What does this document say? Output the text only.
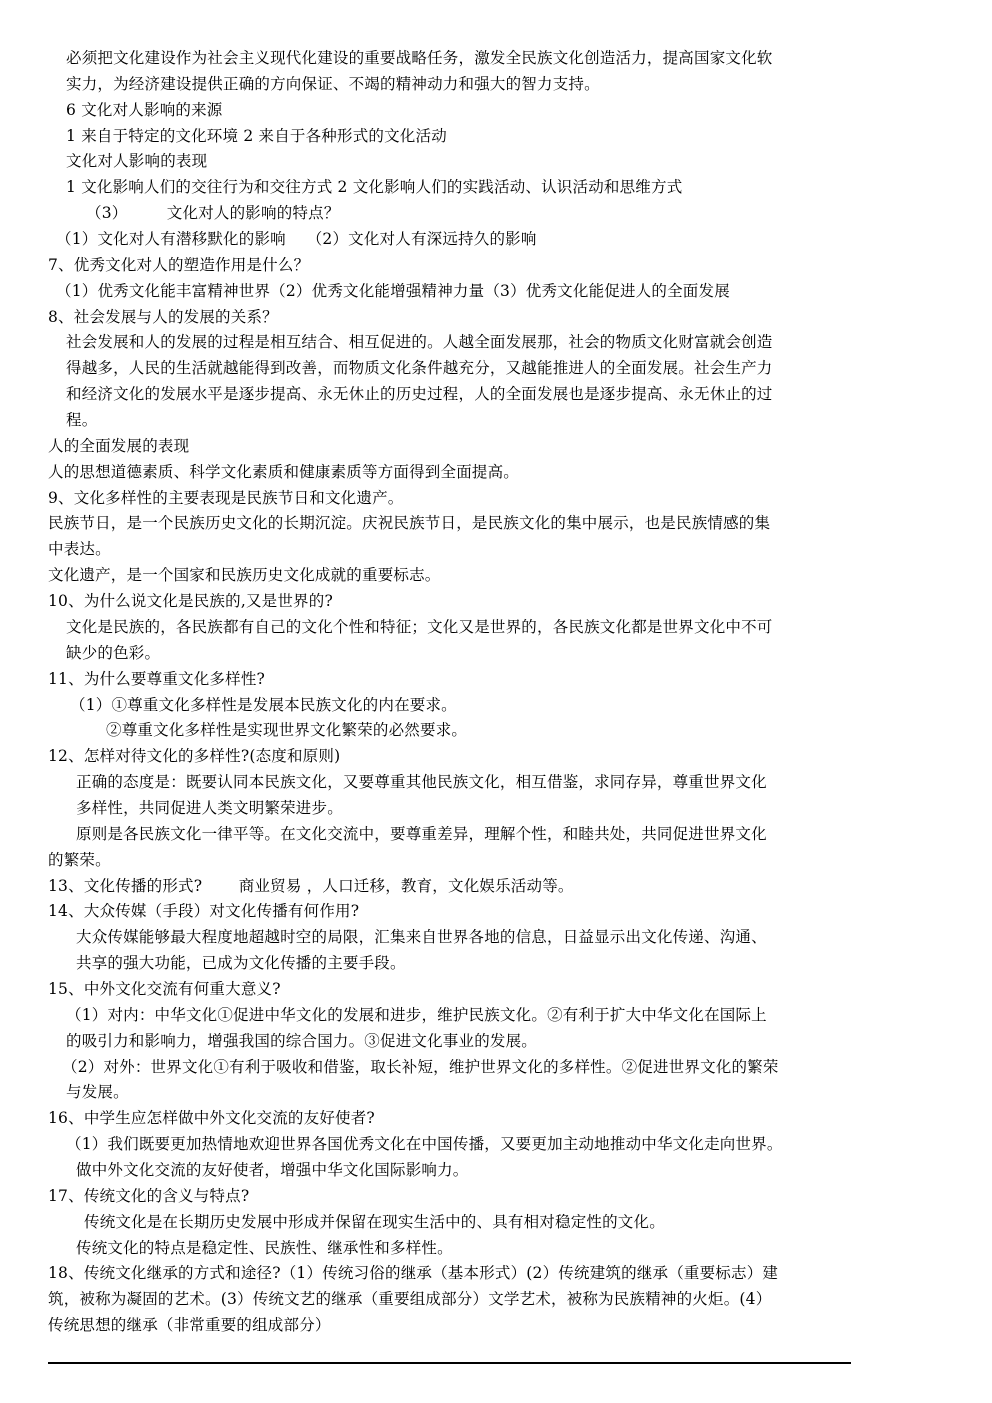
必须把文化建设作为社会主义现代化建设的重要战略任务，激发全民族文化创造活力，提高国家文化软
实力，为经济建设提供正确的方向保证、不竭的精神动力和强大的智力支持。
6 文化对人影响的来源
1 来自于特定的文化环境 2 来自于各种形式的文化活动
文化对人影响的表现
1 文化影响人们的交往行为和交往方式 2 文化影响人们的实践活动、认识活动和思维方式
（3）　　　文化对人的影响的特点？
（1）文化对人有潜移默化的影响　 （2）文化对人有深远持久的影响
7、优秀文化对人的塑造作用是什么？
（1）优秀文化能丰富精神世界（2）优秀文化能增强精神力量（3）优秀文化能促进人的全面发展
8、社会发展与人的发展的关系？
社会发展和人的发展的过程是相互结合、相互促进的。人越全面发展那，社会的物质文化财富就会创造
得越多，人民的生活就越能得到改善，而物质文化条件越充分，又越能推进人的全面发展。社会生产力
和经济文化的发展水平是逐步提高、永无休止的历史过程，人的全面发展也是逐步提高、永无休止的过
程。
人的全面发展的表现
人的思想道德素质、科学文化素质和健康素质等方面得到全面提高。
9、文化多样性的主要表现是民族节日和文化遗产。
民族节日，是一个民族历史文化的长期沉淀。庆祝民族节日，是民族文化的集中展示，也是民族情感的集
中表达。
文化遗产，是一个国家和民族历史文化成就的重要标志。
10、为什么说文化是民族的,又是世界的?
文化是民族的，各民族都有自己的文化个性和特征；文化又是世界的，各民族文化都是世界文化中不可
缺少的色彩。
11、为什么要尊重文化多样性?
（1）①尊重文化多样性是发展本民族文化的内在要求。
②尊重文化多样性是实现世界文化繁荣的必然要求。
12、怎样对待文化的多样性?(态度和原则)
正确的态度是：既要认同本民族文化，又要尊重其他民族文化，相互借鉴，求同存异，尊重世界文化
多样性，共同促进人类文明繁荣进步。
原则是各民族文化一律平等。在文化交流中，要尊重差异，理解个性，和睦共处，共同促进世界文化
的繁荣。
13、文化传播的形式?　　 商业贸易 ，人口迁移，教育，文化娱乐活动等。
14、大众传媒（手段）对文化传播有何作用?
大众传媒能够最大程度地超越时空的局限，汇集来自世界各地的信息，日益显示出文化传递、沟通、
共享的强大功能，已成为文化传播的主要手段。
15、中外文化交流有何重大意义?
（1）对内：中华文化①促进中华文化的发展和进步，维护民族文化。②有利于扩大中华文化在国际上
的吸引力和影响力，增强我国的综合国力。③促进文化事业的发展。
（2）对外：世界文化①有利于吸收和借鉴，取长补短，维护世界文化的多样性。②促进世界文化的繁荣
与发展。
16、中学生应怎样做中外文化交流的友好使者?
（1）我们既要更加热情地欢迎世界各国优秀文化在中国传播，又要更加主动地推动中华文化走向世界。
做中外文化交流的友好使者，增强中华文化国际影响力。
17、传统文化的含义与特点?
传统文化是在长期历史发展中形成并保留在现实生活中的、具有相对稳定性的文化。
传统文化的特点是稳定性、民族性、继承性和多样性。
18、传统文化继承的方式和途径?（1）传统习俗的继承（基本形式）(2）传统建筑的继承（重要标志）建
筑，被称为凝固的艺术。(3）传统文艺的继承（重要组成部分）文学艺术，被称为民族精神的火炬。(4）
传统思想的继承（非常重要的组成部分）
